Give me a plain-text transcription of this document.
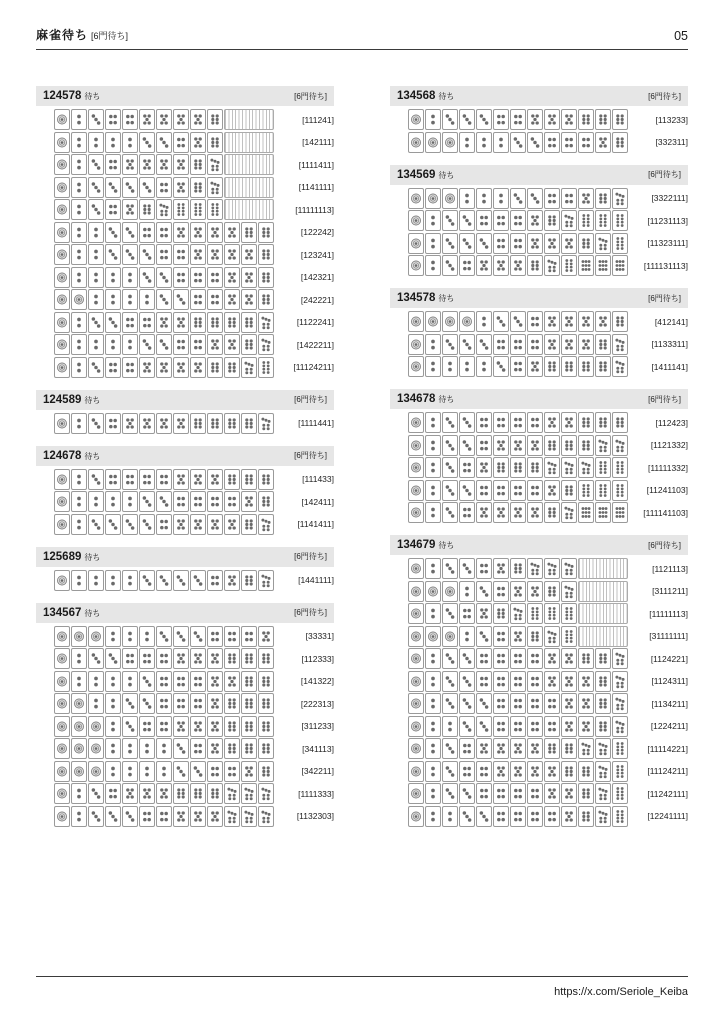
麻雀待ち [6門待ち]	05
124578 待ち	[6門待ち]
[111241]
[142111]
[1111411]
[1141111]
[11111113]
[122242]
[123241]
[142321]
[242221]
[1122241]
[1422211]
[11124211]
124589 待ち	[6門待ち]
[1111441]
124678 待ち	[6門待ち]
[111433]
[142411]
[1141411]
125689 待ち	[6門待ち]
[1441111]
134567 待ち	[6門待ち]
[33331]
[112333]
[141322]
[222313]
[311233]
[341113]
[342211]
[1111333]
[1132303]
134568 待ち	[6門待ち]
[113233]
[332311]
134569 待ち	[6門待ち]
[3322111]
[11231113]
[11323111]
[111131113]
134578 待ち	[6門待ち]
[412141]
[1133311]
[1411141]
134678 待ち	[6門待ち]
[112423]
[1121332]
[11111332]
[11241103]
[111141103]
134679 待ち	[6門待ち]
[1121113]
[3111211]
[11111113]
[31111111]
[1124221]
[1124311]
[1134211]
[1224211]
[11114221]
[11124211]
[11242111]
[12241111]
https://x.com/Seriole_Keiba
